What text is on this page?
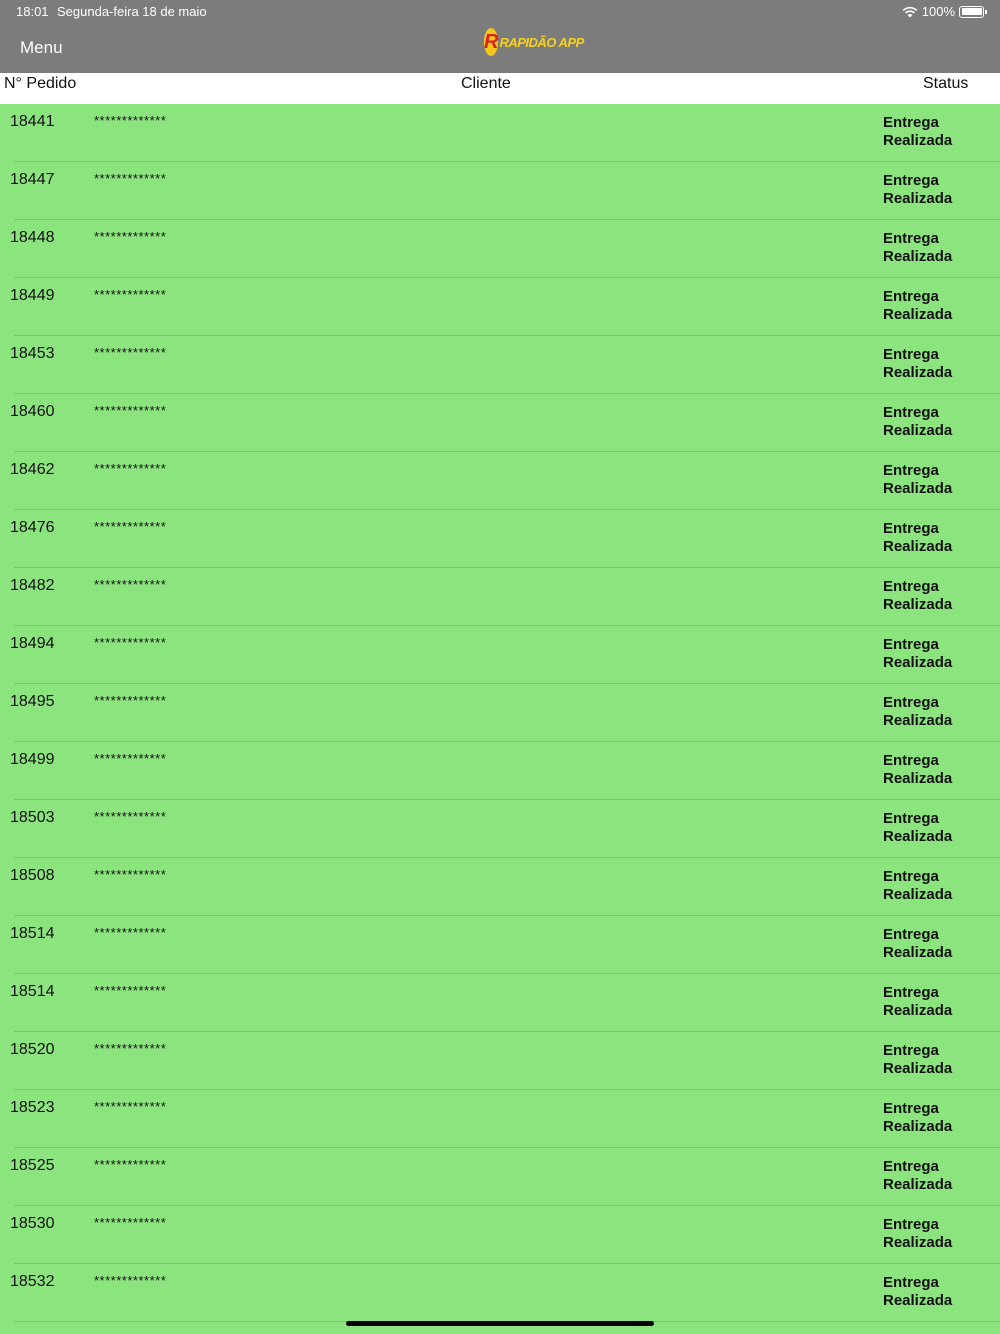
18:01 Segunda-feira 18 de maio	100%
Menu	R RAPIDÃO APP
N° Pedido	Cliente	Status
18441	*************	Entrega Realizada
18447	*************	Entrega Realizada
18448	*************	Entrega Realizada
18449	*************	Entrega Realizada
18453	*************	Entrega Realizada
18460	*************	Entrega Realizada
18462	*************	Entrega Realizada
18476	*************	Entrega Realizada
18482	*************	Entrega Realizada
18494	*************	Entrega Realizada
18495	*************	Entrega Realizada
18499	*************	Entrega Realizada
18503	*************	Entrega Realizada
18508	*************	Entrega Realizada
18514	*************	Entrega Realizada
18514	*************	Entrega Realizada
18520	*************	Entrega Realizada
18523	*************	Entrega Realizada
18525	*************	Entrega Realizada
18530	*************	Entrega Realizada
18532	*************	Entrega Realizada
